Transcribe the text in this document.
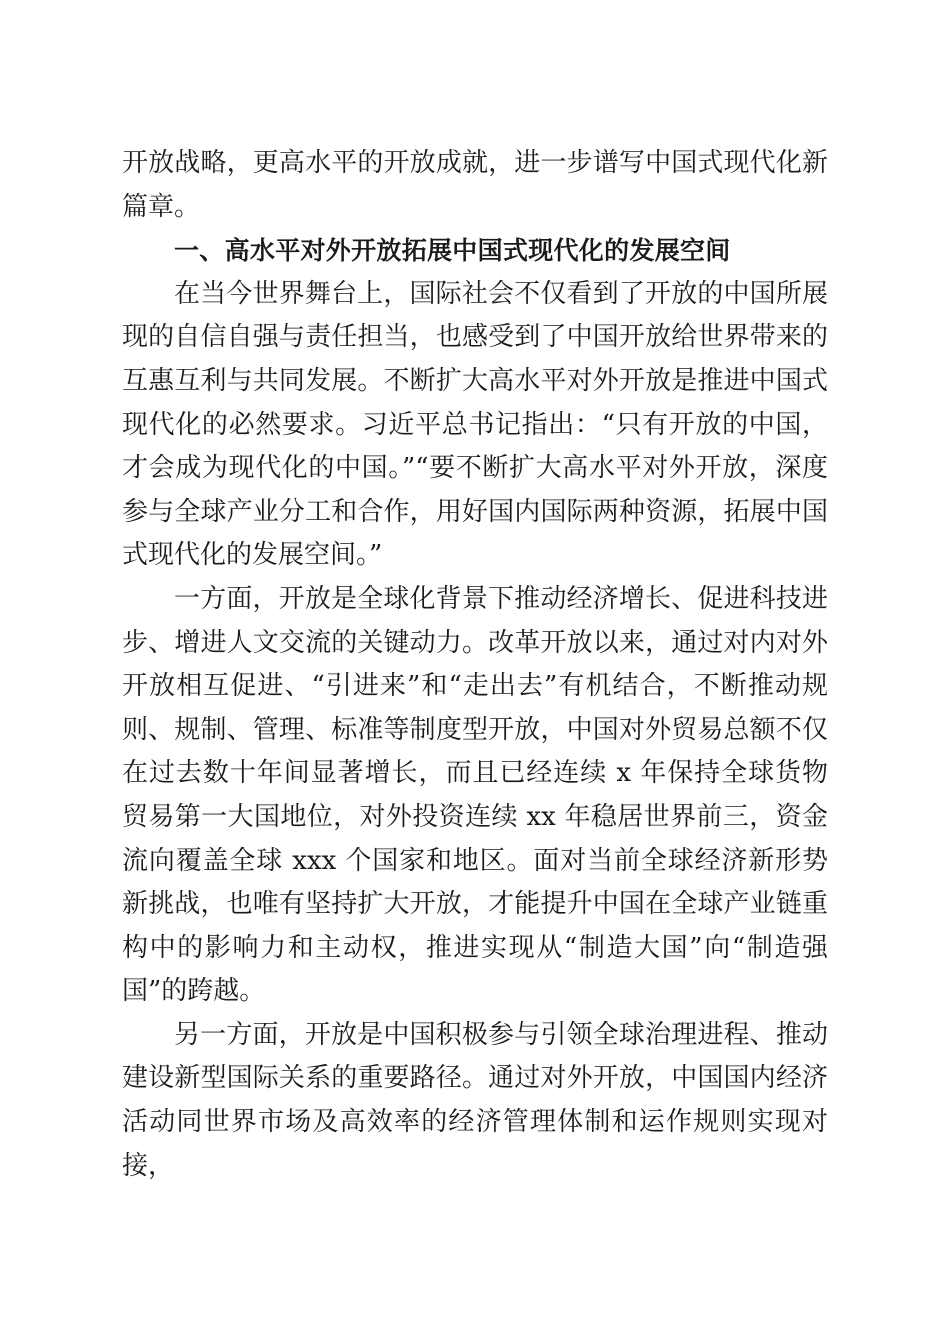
开放战略，更高水平的开放成就，进一步谱写中国式现代化新篇章。

一、高水平对外开放拓展中国式现代化的发展空间

在当今世界舞台上，国际社会不仅看到了开放的中国所展现的自信自强与责任担当，也感受到了中国开放给世界带来的互惠互利与共同发展。不断扩大高水平对外开放是推进中国式现代化的必然要求。习近平总书记指出：“只有开放的中国，才会成为现代化的中国。”“要不断扩大高水平对外开放，深度参与全球产业分工和合作，用好国内国际两种资源，拓展中国式现代化的发展空间。”

一方面，开放是全球化背景下推动经济增长、促进科技进步、增进人文交流的关键动力。改革开放以来，通过对内对外开放相互促进、“引进来”和“走出去”有机结合，不断推动规则、规制、管理、标准等制度型开放，中国对外贸易总额不仅在过去数十年间显著增长，而且已经连续 x 年保持全球货物贸易第一大国地位，对外投资连续 xx 年稳居世界前三，资金流向覆盖全球 xxx 个国家和地区。面对当前全球经济新形势新挑战，也唯有坚持扩大开放，才能提升中国在全球产业链重构中的影响力和主动权，推进实现从“制造大国”向“制造强国”的跨越。

另一方面，开放是中国积极参与引领全球治理进程、推动建设新型国际关系的重要路径。通过对外开放，中国国内经济活动同世界市场及高效率的经济管理体制和运作规则实现对接，
